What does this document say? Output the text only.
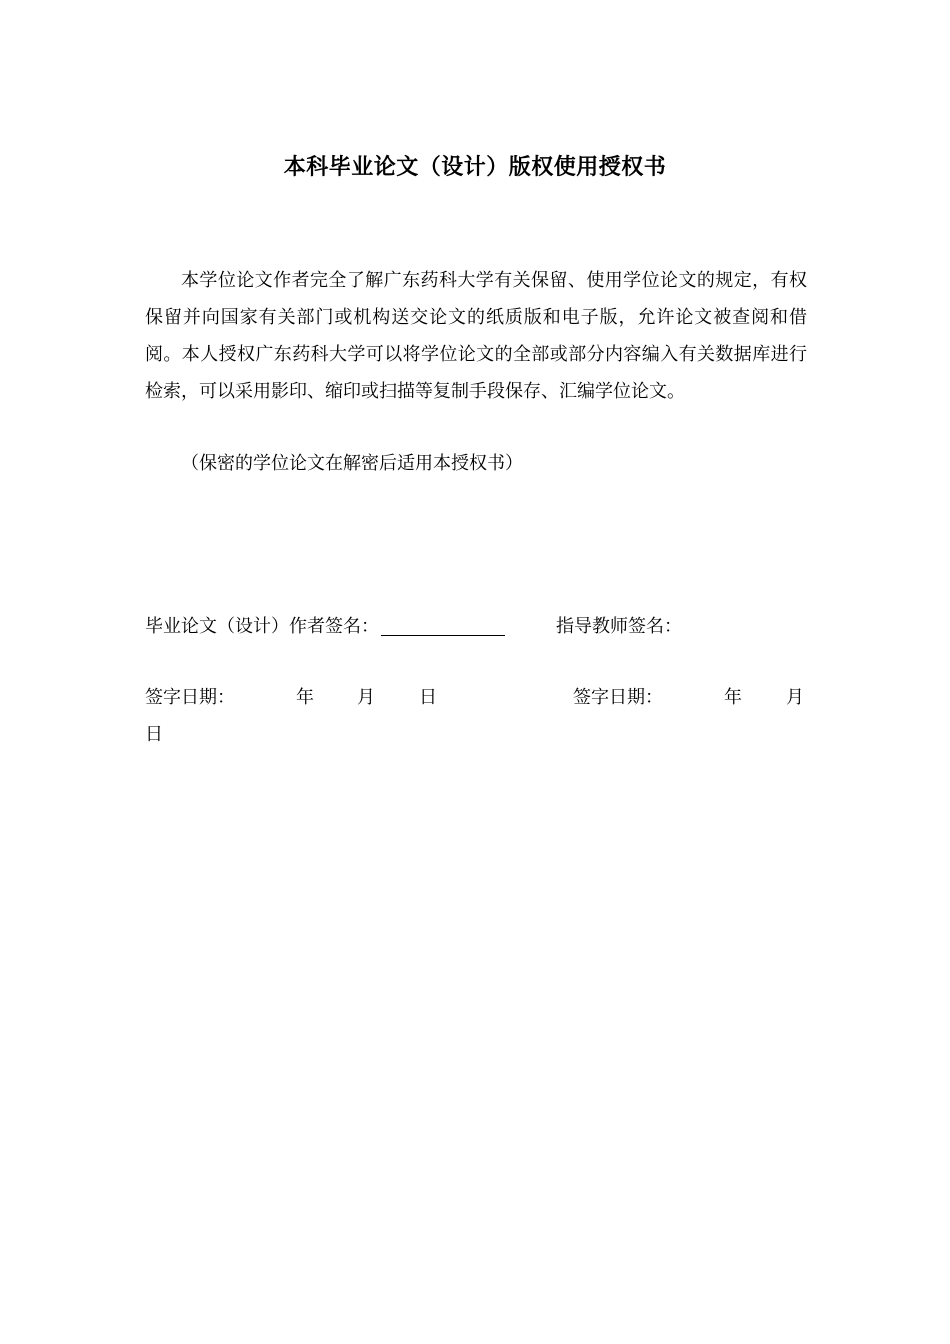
本科毕业论文（设计）版权使用授权书

本学位论文作者完全了解广东药科大学有关保留、使用学位论文的规定，有权保留并向国家有关部门或机构送交论文的纸质版和电子版，允许论文被查阅和借阅。本人授权广东药科大学可以将学位论文的全部或部分内容编入有关数据库进行检索，可以采用影印、缩印或扫描等复制手段保存、汇编学位论文。

（保密的学位论文在解密后适用本授权书）
毕业论文（设计）作者签名：	指导教师签名：
签字日期：	年 月 日	签字日期：	年 月
日
